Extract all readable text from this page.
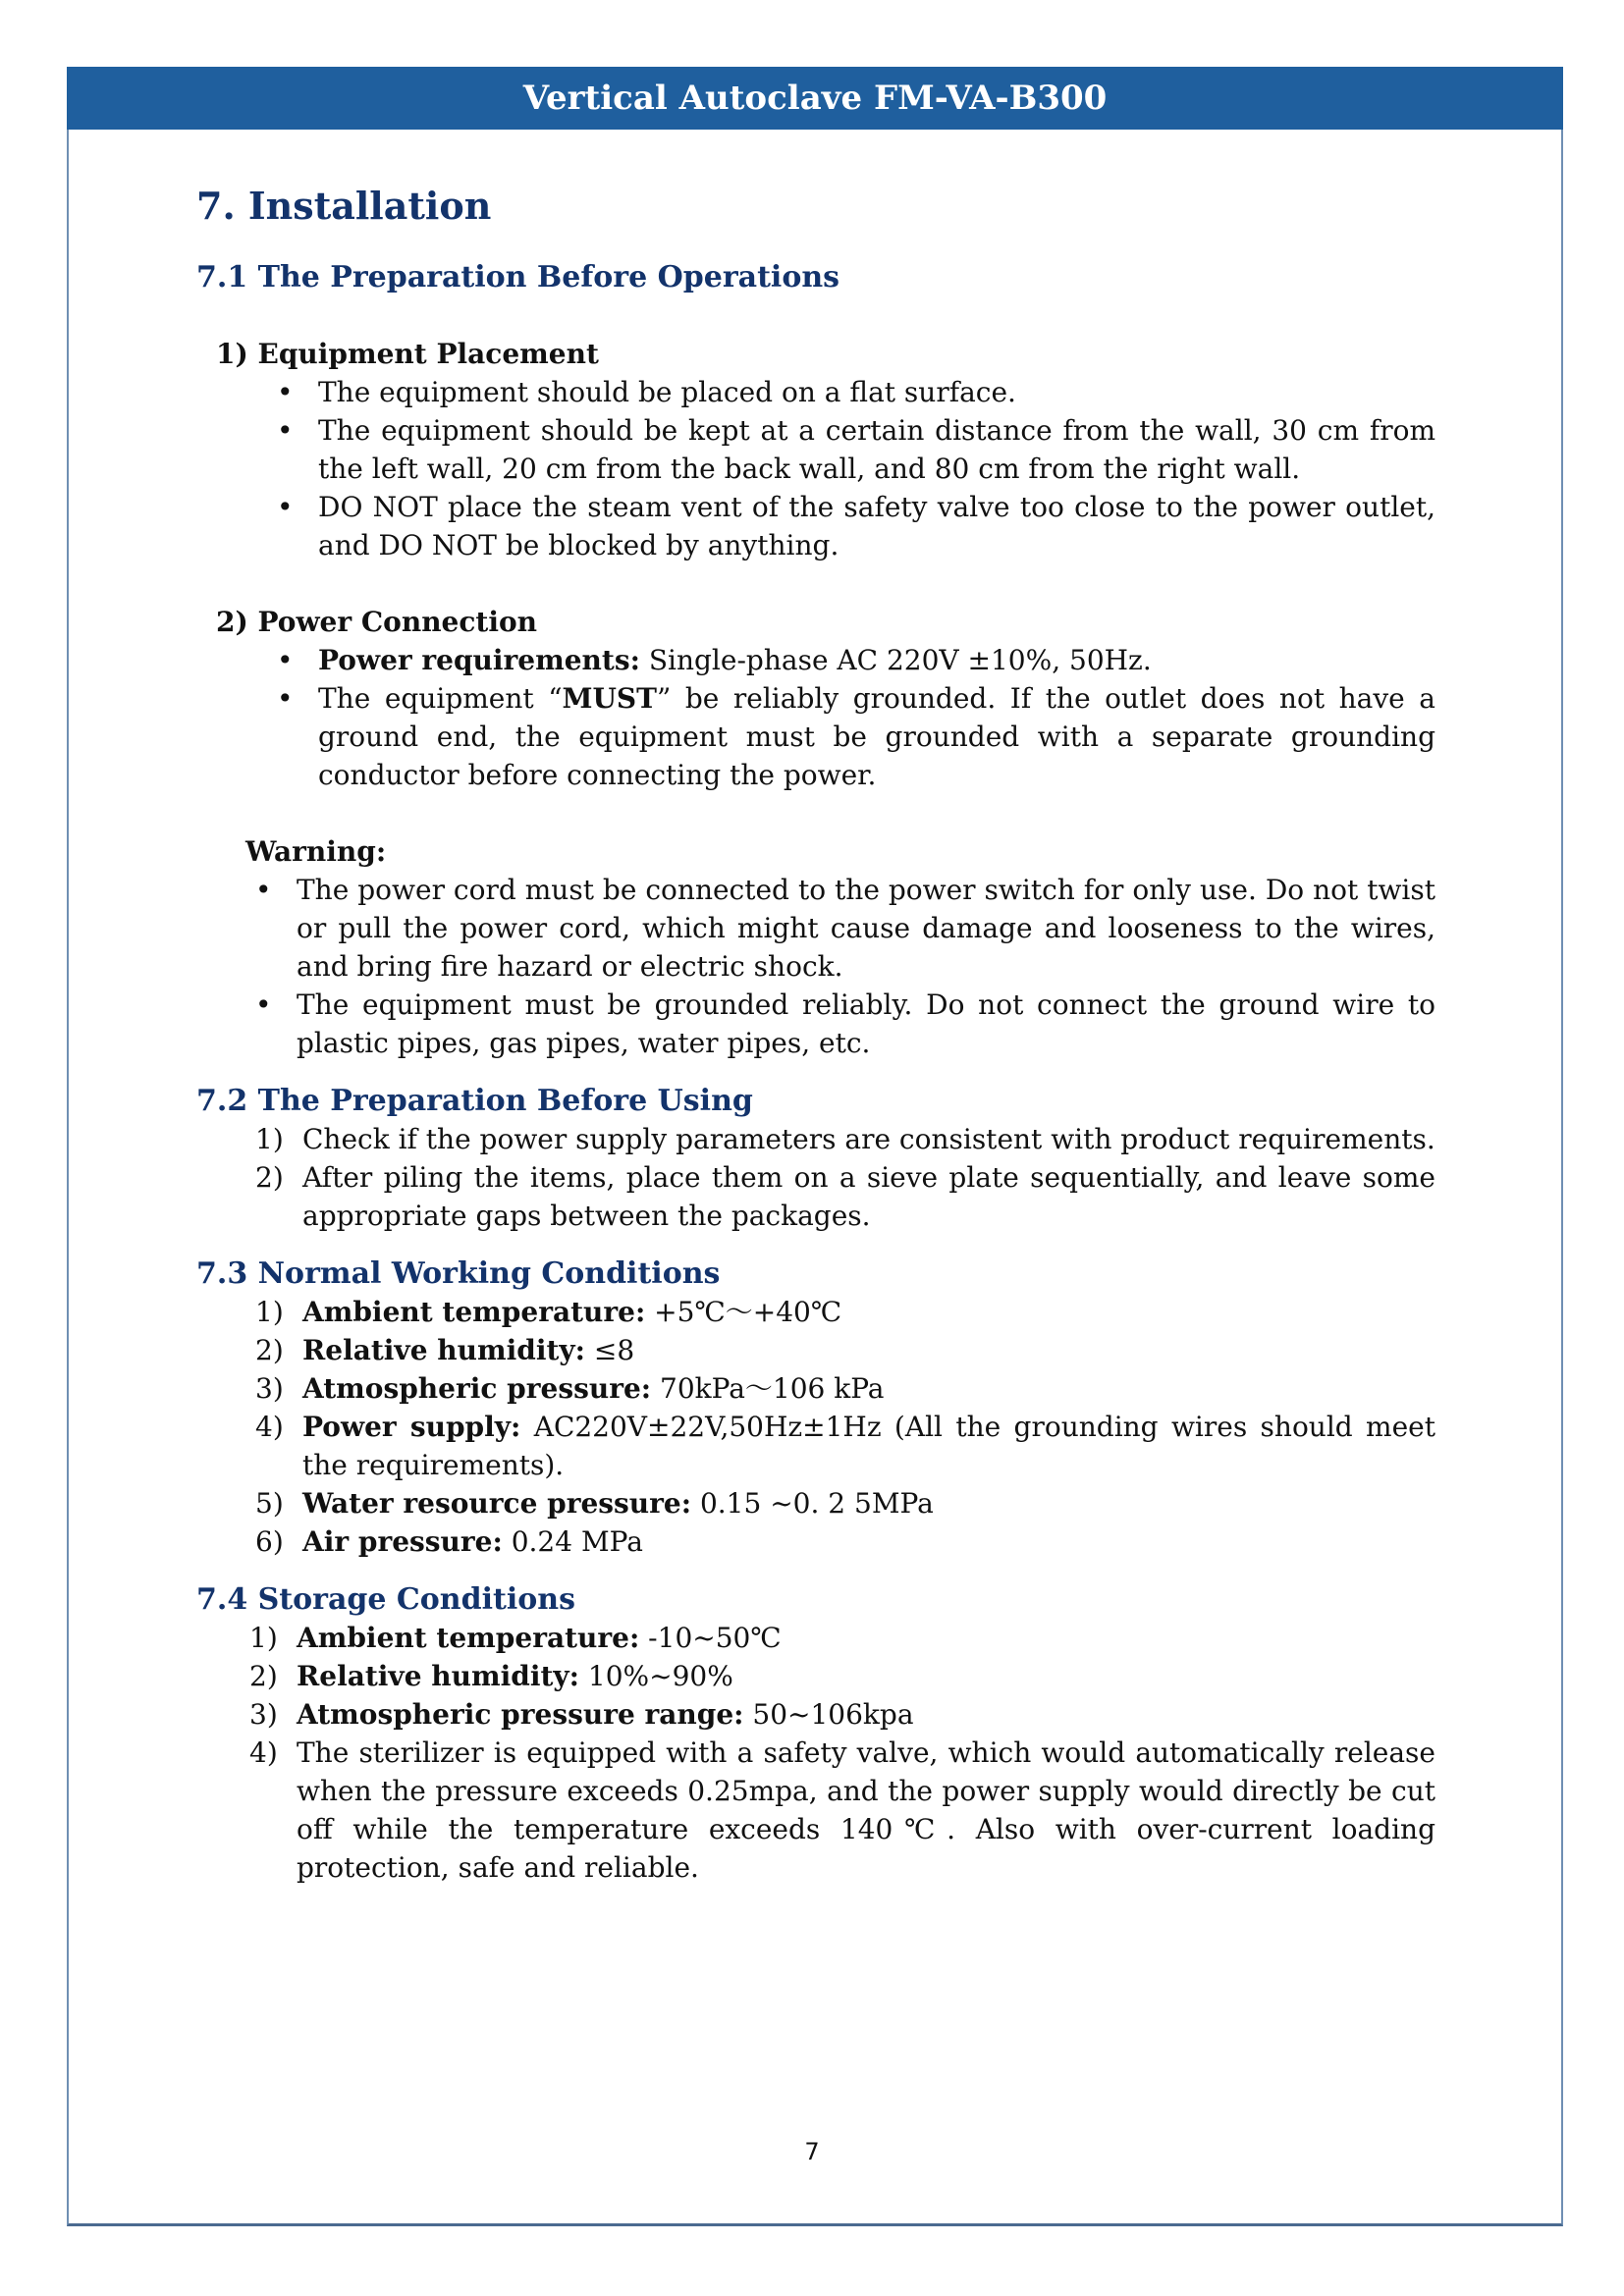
Vertical Autoclave FM-VA-B300
7. Installation
7.1 The Preparation Before Operations
1) Equipment Placement
• The equipment should be placed on a flat surface.
• The equipment should be kept at a certain distance from the wall, 30 cm from the left wall, 20 cm from the back wall, and 80 cm from the right wall.
• DO NOT place the steam vent of the safety valve too close to the power outlet, and DO NOT be blocked by anything.
2) Power Connection
• Power requirements: Single-phase AC 220V ±10%, 50Hz.
• The equipment “MUST” be reliably grounded. If the outlet does not have a ground end, the equipment must be grounded with a separate grounding conductor before connecting the power.
Warning:
• The power cord must be connected to the power switch for only use. Do not twist or pull the power cord, which might cause damage and looseness to the wires, and bring fire hazard or electric shock.
• The equipment must be grounded reliably. Do not connect the ground wire to plastic pipes, gas pipes, water pipes, etc.
7.2 The Preparation Before Using
1) Check if the power supply parameters are consistent with product requirements.
2) After piling the items, place them on a sieve plate sequentially, and leave some appropriate gaps between the packages.
7.3 Normal Working Conditions
1) Ambient temperature: +5℃～+40℃
2) Relative humidity: ≤8
3) Atmospheric pressure: 70kPa～106 kPa
4) Power supply: AC220V±22V,50Hz±1Hz (All the grounding wires should meet the requirements).
5) Water resource pressure: 0.15 ~0. 2 5MPa
6) Air pressure: 0.24 MPa
7.4 Storage Conditions
1) Ambient temperature: -10~50℃
2) Relative humidity: 10%~90%
3) Atmospheric pressure range: 50~106kpa
4) The sterilizer is equipped with a safety valve, which would automatically release when the pressure exceeds 0.25mpa, and the power supply would directly be cut off while the temperature exceeds 140℃. Also with over-current loading protection, safe and reliable.
7
